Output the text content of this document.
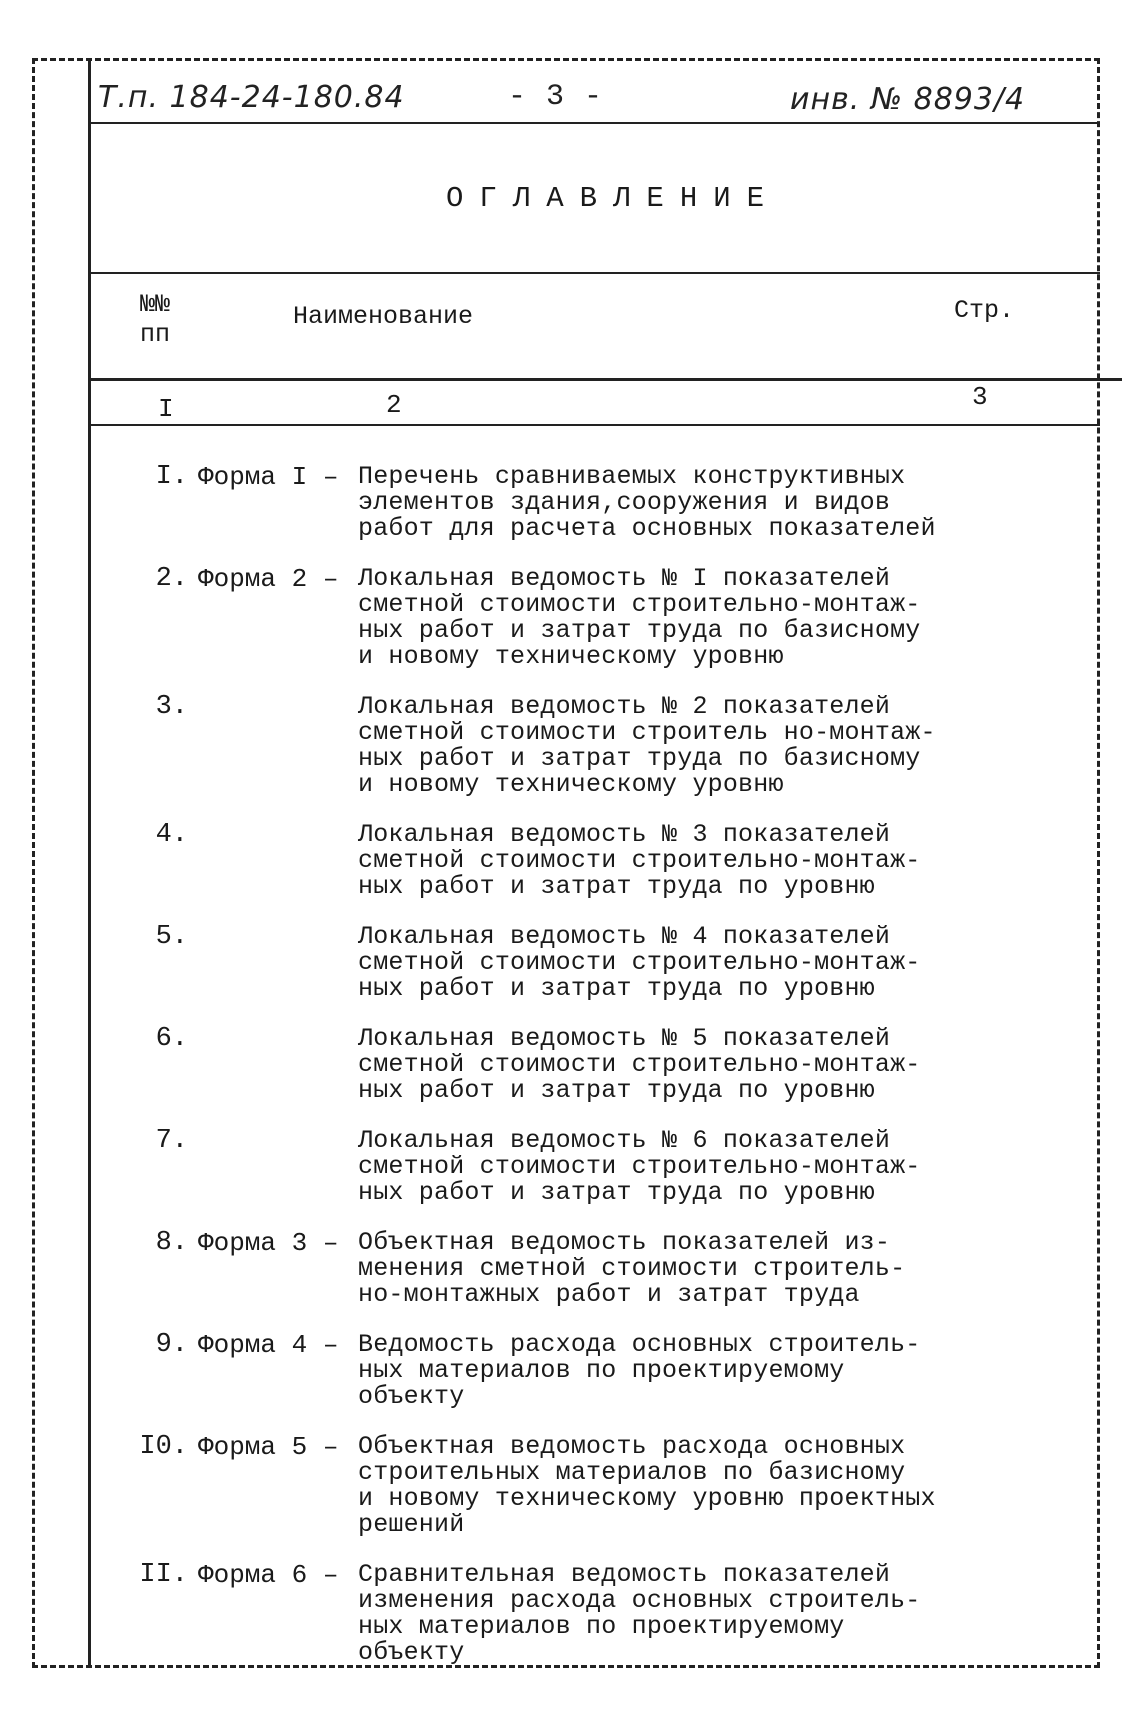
Т.п. 184-24-180.84	- 3 -	инв. № 8893/4
ОГЛАВЛЕНИЕ
№№
пп
Наименование	Стр.
I	2	3
I. Форма I – Перечень сравниваемых конструктивных
элементов здания,сооружения и видов
работ для расчета основных показателей
2. Форма 2 – Локальная ведомость № I показателей
сметной стоимости строительно-монтаж-
ных работ и затрат труда по базисному
и новому техническому уровню
3.	Локальная ведомость № 2 показателей
сметной стоимости строитель но-монтаж-
ных работ и затрат труда по базисному
и новому техническому уровню
4.	Локальная ведомость № 3 показателей
сметной стоимости строительно-монтаж-
ных работ и затрат труда по уровню
5.	Локальная ведомость № 4 показателей
сметной стоимости строительно-монтаж-
ных работ и затрат труда по уровню
6.	Локальная ведомость № 5 показателей
сметной стоимости строительно-монтаж-
ных работ и затрат труда по уровню
7.	Локальная ведомость № 6 показателей
сметной стоимости строительно-монтаж-
ных работ и затрат труда по уровню
8. Форма 3 – Объектная ведомость показателей из-
менения сметной стоимости строитель-
но-монтажных работ и затрат труда
9. Форма 4 – Ведомость расхода основных строитель-
ных материалов по проектируемому
объекту
I0. Форма 5 – Объектная ведомость расхода основных
строительных материалов по базисному
и новому техническому уровню проектных
решений
II. Форма 6 – Сравнительная ведомость показателей
изменения расхода основных строитель-
ных материалов по проектируемому
объекту
